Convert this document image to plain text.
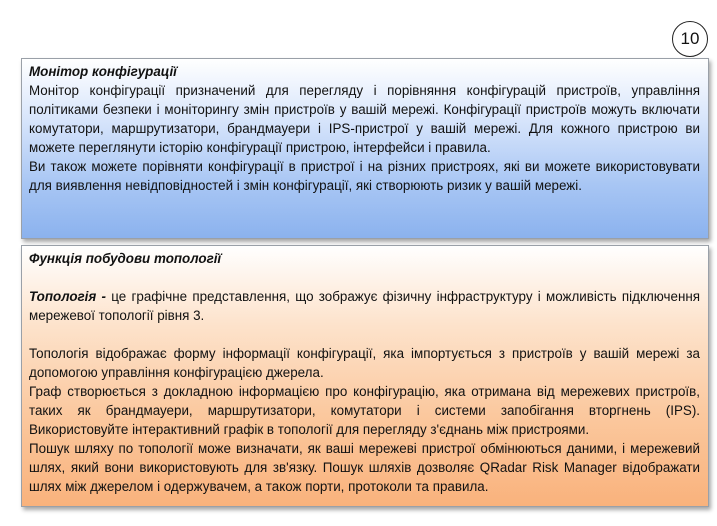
10

Монітор конфігурації

Монітор конфігурації призначений для перегляду і порівняння конфігурацій пристроїв, управління політиками безпеки і моніторингу змін пристроїв у вашій мережі. Конфігурації пристроїв можуть включати комутатори, маршрутизатори, брандмауери і IPS-пристрої у вашій мережі. Для кожного пристрою ви можете переглянути історію конфігурації пристрою, інтерфейси і правила.

Ви також можете порівняти конфігурації в пристрої і на різних пристроях, які ви можете використовувати для виявлення невідповідностей і змін конфігурації, які створюють ризик у вашій мережі.

Функція побудови топології

Топологія - це графічне представлення, що зображує фізичну інфраструктуру і можливість підключення мережевої топології рівня 3.

Топологія відображає форму інформації конфігурації, яка імпортується з пристроїв у вашій мережі за допомогою управління конфігурацією джерела.

Граф створюється з докладною інформацією про конфігурацію, яка отримана від мережевих пристроїв, таких як брандмауери, маршрутизатори, комутатори і системи запобігання вторгнень (IPS). Використовуйте інтерактивний графік в топології для перегляду з'єднань між пристроями.

Пошук шляху по топології може визначати, як ваші мережеві пристрої обмінюються даними, і мережевий шлях, який вони використовують для зв'язку. Пошук шляхів дозволяє QRadar Risk Manager відображати шлях між джерелом і одержувачем, а також порти, протоколи та правила.
